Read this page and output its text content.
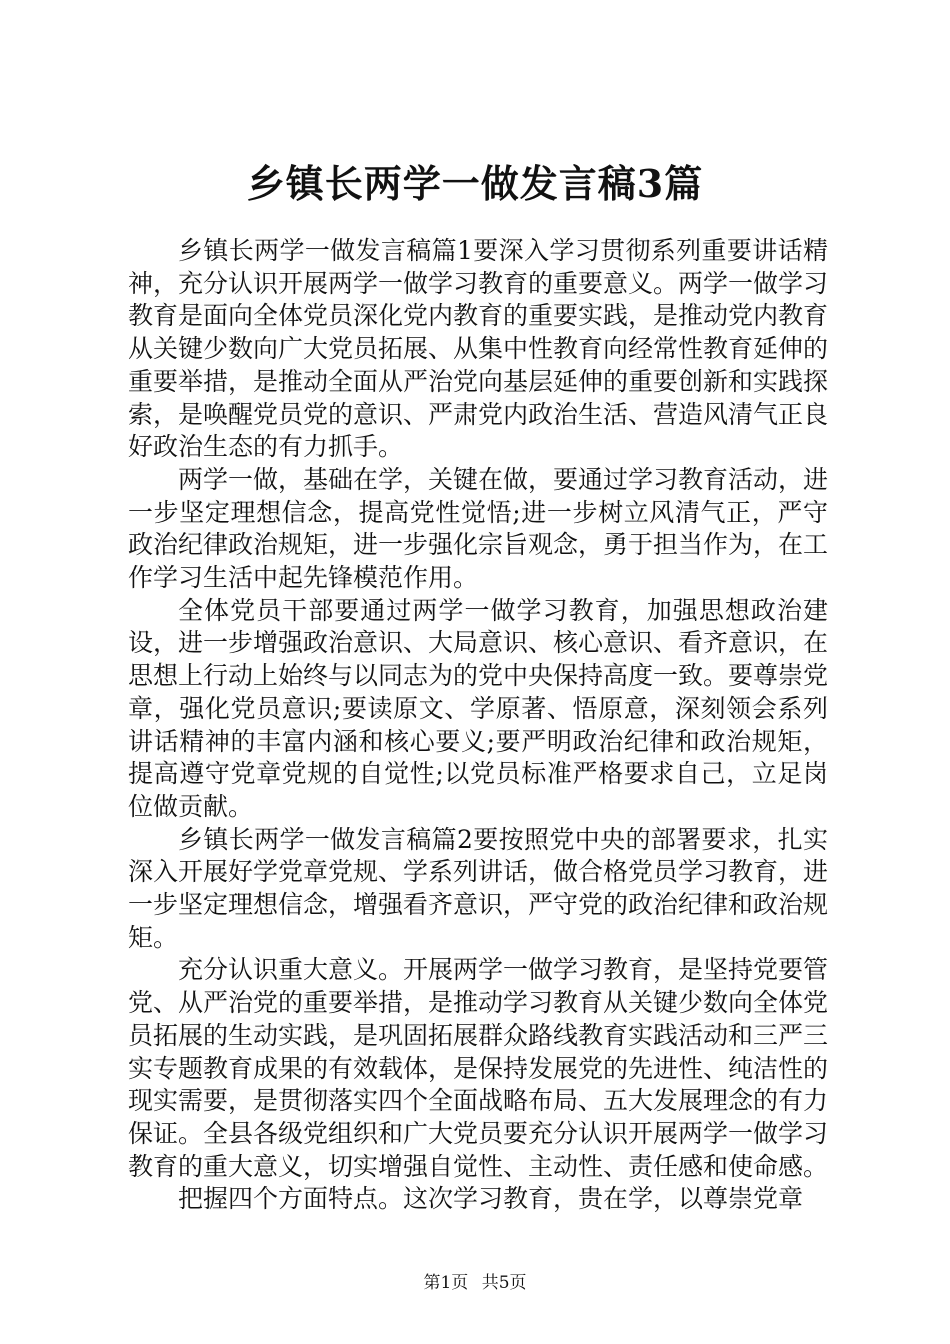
乡镇长两学一做发言稿3篇

乡镇长两学一做发言稿篇1要深入学习贯彻系列重要讲话精神，充分认识开展两学一做学习教育的重要意义。两学一做学习教育是面向全体党员深化党内教育的重要实践，是推动党内教育从关键少数向广大党员拓展、从集中性教育向经常性教育延伸的重要举措，是推动全面从严治党向基层延伸的重要创新和实践探索，是唤醒党员党的意识、严肃党内政治生活、营造风清气正良好政治生态的有力抓手。

两学一做，基础在学，关键在做，要通过学习教育活动，进一步坚定理想信念，提高党性觉悟;进一步树立风清气正，严守政治纪律政治规矩，进一步强化宗旨观念，勇于担当作为，在工作学习生活中起先锋模范作用。

全体党员干部要通过两学一做学习教育，加强思想政治建设，进一步增强政治意识、大局意识、核心意识、看齐意识，在思想上行动上始终与以同志为的党中央保持高度一致。要尊崇党章，强化党员意识;要读原文、学原著、悟原意，深刻领会系列讲话精神的丰富内涵和核心要义;要严明政治纪律和政治规矩，提高遵守党章党规的自觉性;以党员标准严格要求自己，立足岗位做贡献。

乡镇长两学一做发言稿篇2要按照党中央的部署要求，扎实深入开展好学党章党规、学系列讲话，做合格党员学习教育，进一步坚定理想信念，增强看齐意识，严守党的政治纪律和政治规矩。

充分认识重大意义。开展两学一做学习教育，是坚持党要管党、从严治党的重要举措，是推动学习教育从关键少数向全体党员拓展的生动实践，是巩固拓展群众路线教育实践活动和三严三实专题教育成果的有效载体，是保持发展党的先进性、纯洁性的现实需要，是贯彻落实四个全面战略布局、五大发展理念的有力保证。全县各级党组织和广大党员要充分认识开展两学一做学习教育的重大意义，切实增强自觉性、主动性、责任感和使命感。

把握四个方面特点。这次学习教育，贵在学，以尊崇党章

第1页 共5页
